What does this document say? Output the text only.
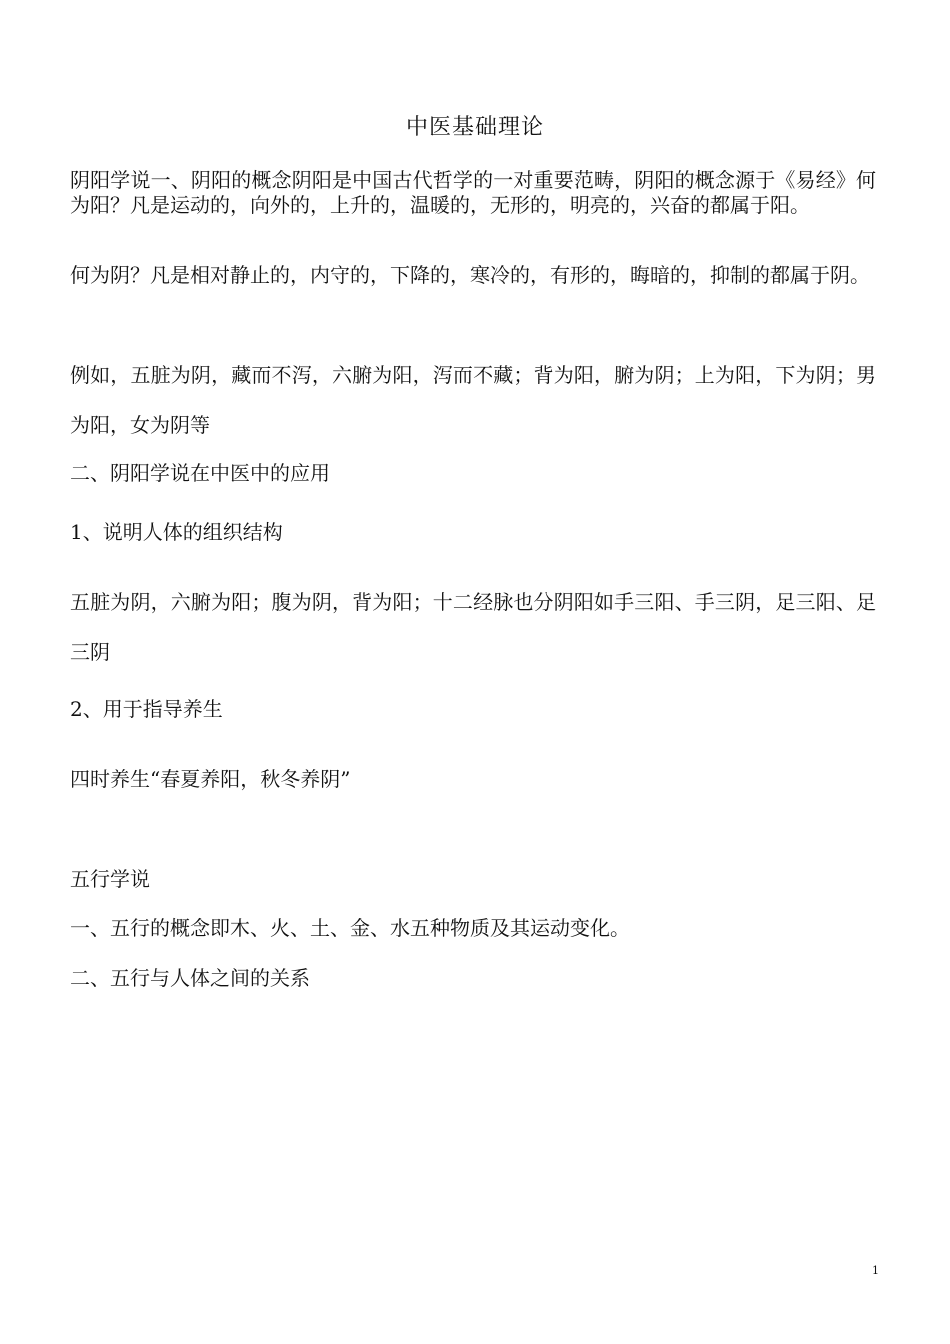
中医基础理论
阴阳学说一、阴阳的概念阴阳是中国古代哲学的一对重要范畴，阴阳的概念源于《易经》何为阳？凡是运动的，向外的，上升的，温暖的，无形的，明亮的，兴奋的都属于阳。
何为阴？凡是相对静止的，内守的，下降的，寒冷的，有形的，晦暗的，抑制的都属于阴。
例如，五脏为阴，藏而不泻，六腑为阳，泻而不藏；背为阳，腑为阴；上为阳，下为阴；男为阳，女为阴等
二、阴阳学说在中医中的应用
1、说明人体的组织结构
五脏为阴，六腑为阳；腹为阴，背为阳；十二经脉也分阴阳如手三阳、手三阴，足三阳、足三阴
2、用于指导养生
四时养生“春夏养阳，秋冬养阴”
五行学说
一、五行的概念即木、火、土、金、水五种物质及其运动变化。
二、五行与人体之间的关系
1
